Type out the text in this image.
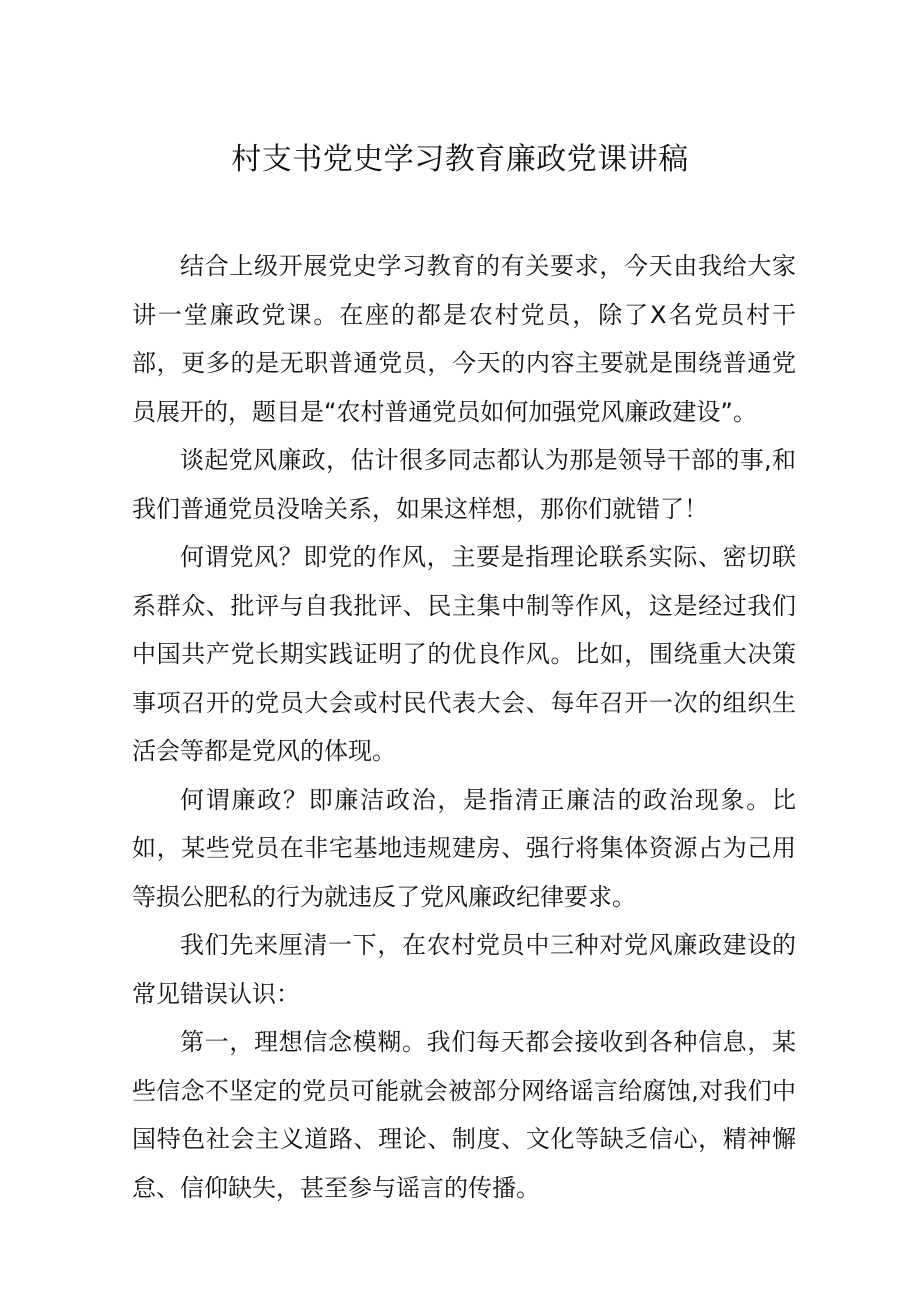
村支书党史学习教育廉政党课讲稿

结合上级开展党史学习教育的有关要求，今天由我给大家讲一堂廉政党课。在座的都是农村党员，除了X名党员村干部，更多的是无职普通党员，今天的内容主要就是围绕普通党员展开的，题目是“农村普通党员如何加强党风廉政建设”。

谈起党风廉政，估计很多同志都认为那是领导干部的事,和我们普通党员没啥关系，如果这样想，那你们就错了！

何谓党风？即党的作风，主要是指理论联系实际、密切联系群众、批评与自我批评、民主集中制等作风，这是经过我们中国共产党长期实践证明了的优良作风。比如，围绕重大决策事项召开的党员大会或村民代表大会、每年召开一次的组织生活会等都是党风的体现。

何谓廉政？即廉洁政治，是指清正廉洁的政治现象。比如，某些党员在非宅基地违规建房、强行将集体资源占为己用等损公肥私的行为就违反了党风廉政纪律要求。

我们先来厘清一下，在农村党员中三种对党风廉政建设的常见错误认识：

第一，理想信念模糊。我们每天都会接收到各种信息，某些信念不坚定的党员可能就会被部分网络谣言给腐蚀,对我们中国特色社会主义道路、理论、制度、文化等缺乏信心，精神懈怠、信仰缺失，甚至参与谣言的传播。
